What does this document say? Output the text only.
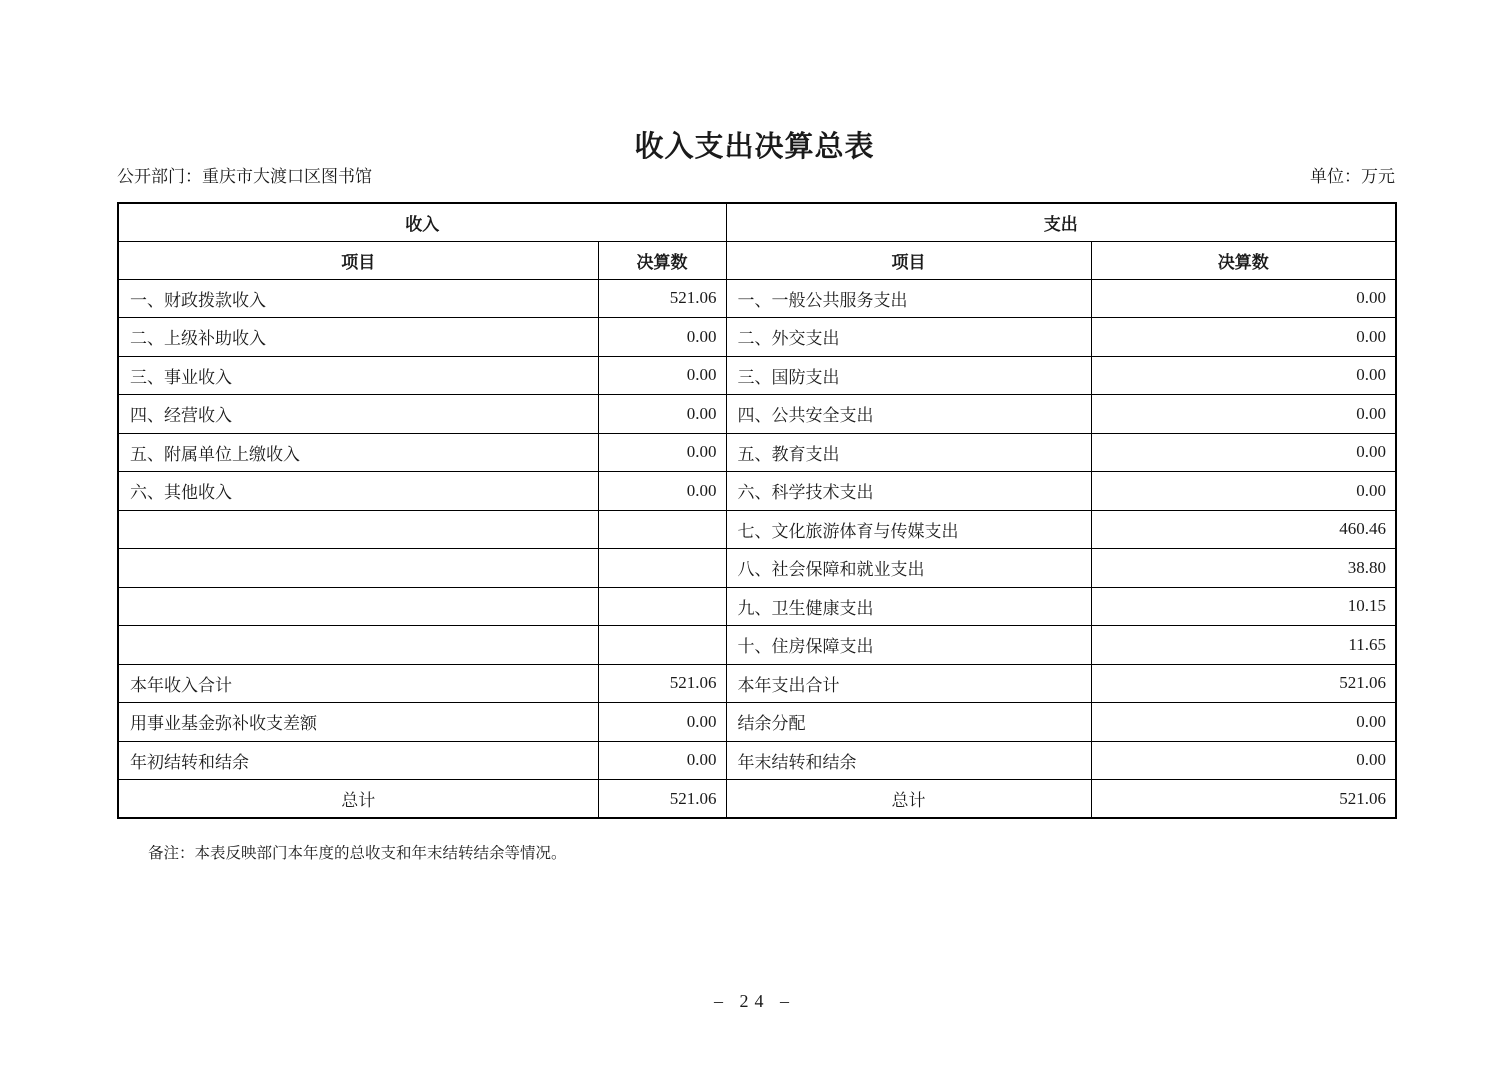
收入支出决算总表
公开部门：重庆市大渡口区图书馆	单位：万元
收入		支出	
项目	决算数	项目	决算数
一、财政拨款收入	521.06	一、一般公共服务支出	0.00
二、上级补助收入	0.00	二、外交支出	0.00
三、事业收入	0.00	三、国防支出	0.00
四、经营收入	0.00	四、公共安全支出	0.00
五、附属单位上缴收入	0.00	五、教育支出	0.00
六、其他收入	0.00	六、科学技术支出	0.00
		七、文化旅游体育与传媒支出	460.46
		八、社会保障和就业支出	38.80
		九、卫生健康支出	10.15
		十、住房保障支出	11.65
本年收入合计	521.06	本年支出合计	521.06
用事业基金弥补收支差额	0.00	结余分配	0.00
年初结转和结余	0.00	年末结转和结余	0.00
总计	521.06	总计	521.06
备注：本表反映部门本年度的总收支和年末结转结余等情况。
– 24 –
